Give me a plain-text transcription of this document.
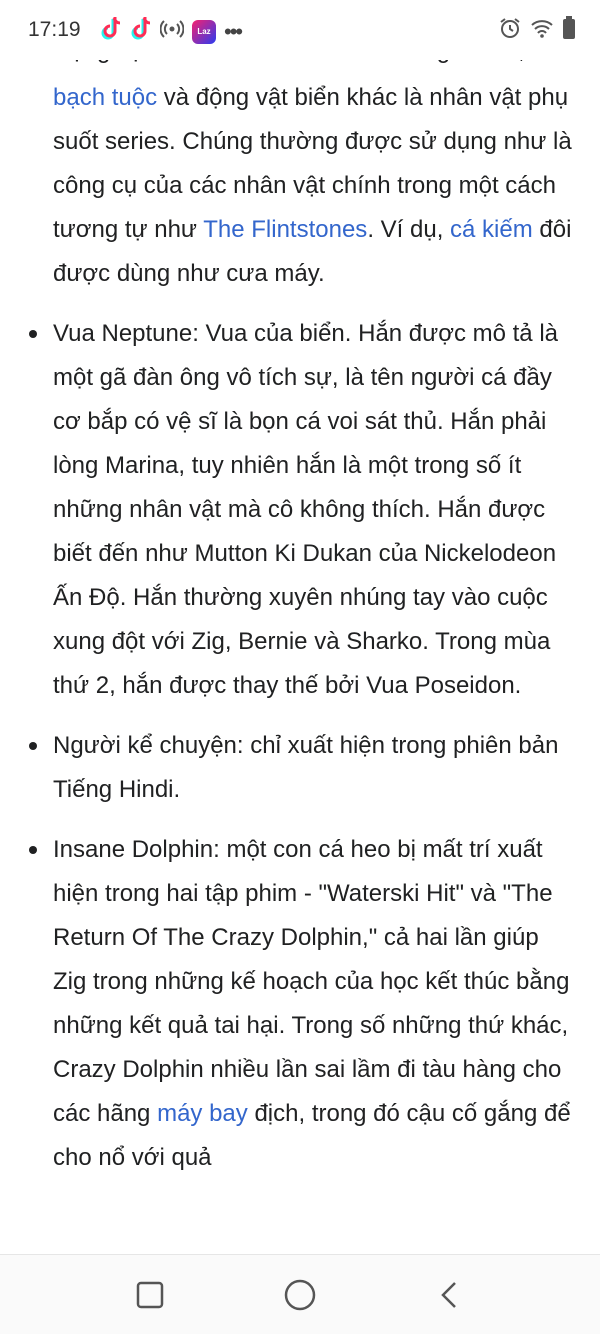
17:19	Laz •••

bạch tuộc và động vật biển khác là nhân vật phụ suốt series. Chúng thường được sử dụng như là công cụ của các nhân vật chính trong một cách tương tự như The Flintstones. Ví dụ, cá kiếm đôi được dùng như cưa máy.

Vua Neptune: Vua của biển. Hắn được mô tả là một gã đàn ông vô tích sự, là tên người cá đầy cơ bắp có vệ sĩ là bọn cá voi sát thủ. Hắn phải lòng Marina, tuy nhiên hắn là một trong số ít những nhân vật mà cô không thích. Hắn được biết đến như Mutton Ki Dukan của Nickelodeon Ấn Độ. Hắn thường xuyên nhúng tay vào cuộc xung đột với Zig, Bernie và Sharko. Trong mùa thứ 2, hắn được thay thế bởi Vua Poseidon.
Người kể chuyện: chỉ xuất hiện trong phiên bản Tiếng Hindi.
Insane Dolphin: một con cá heo bị mất trí xuất hiện trong hai tập phim - "Waterski Hit" và "The Return Of The Crazy Dolphin," cả hai lần giúp Zig trong những kế hoạch của học kết thúc bằng những kết quả tai hại. Trong số những thứ khác, Crazy Dolphin nhiều lần sai lầm đi tàu hàng cho các hãng máy bay địch, trong đó cậu cố gắng để cho nổ với quả
